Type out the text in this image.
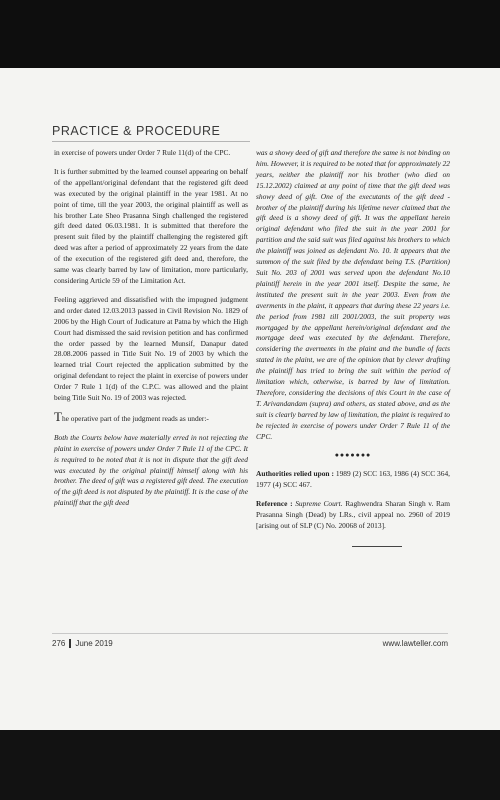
PRACTICE & PROCEDURE

in exercise of powers under Order 7 Rule 11(d) of the CPC.

It is further submitted by the learned counsel appearing on behalf of the appellant/original defendant that the registered gift deed was executed by the original plaintiff in the year 1981. At no point of time, till the year 2003, the original plaintiff as well as his brother Late Sheo Prasanna Singh challenged the registered gift deed dated 06.03.1981. It is submitted that therefore the present suit filed by the plaintiff challenging the registered gift deed was after a period of approximately 22 years from the date of the execution of the registered gift deed and, therefore, the same was clearly barred by law of limitation, more particularly, considering Article 59 of the Limitation Act.

Feeling aggrieved and dissatisfied with the impugned judgment and order dated 12.03.2013 passed in Civil Revision No. 1829 of 2006 by the High Court of Judicature at Patna by which the High Court had dismissed the said revision petition and has confirmed the order passed by the learned Munsif, Danapur dated 28.08.2006 passed in Title Suit No. 19 of 2003 by which the learned trial Court rejected the application submitted by the original defendant to reject the plaint in exercise of powers under Order 7 Rule 1 1(d) of the C.P.C. was allowed and the plaint being Title Suit No. 19 of 2003 was rejected.

The operative part of the judgment reads as under:-

Both the Courts below have materially erred in not rejecting the plaint in exercise of powers under Order 7 Rule 11 of the CPC. It is required to be noted that it is not in dispute that the gift deed was executed by the original plaintiff himself along with his brother. The deed of gift was a registered gift deed. The execution of the gift deed is not disputed by the plaintiff. It is the case of the plaintiff that the gift deed

was a showy deed of gift and therefore the same is not binding on him. However, it is required to be noted that for approximately 22 years, neither the plaintiff nor his brother (who died on 15.12.2002) claimed at any point of time that the gift deed was showy deed of gift. One of the executants of the gift deed - brother of the plaintiff during his lifetime never claimed that the gift deed is a showy deed of gift. It was the appellant herein original defendant who filed the suit in the year 2001 for partition and the said suit was filed against his brothers to which the plaintiff was joined as defendant No. 10. It appears that the summon of the suit filed by the defendant being T.S. (Partition) Suit No. 203 of 2001 was served upon the defendant No.10 plaintiff herein in the year 2001 itself. Despite the same, he instituted the present suit in the year 2003. Even from the averments in the plaint, it appears that during these 22 years i.e. the period from 1981 till 2001/2003, the suit property was mortgaged by the appellant herein/original defendant and the mortgage deed was executed by the defendant. Therefore, considering the averments in the plaint and the bundle of facts stated in the plaint, we are of the opinion that by clever drafting the plaintiff has tried to bring the suit within the period of limitation which, otherwise, is barred by law of limitation. Therefore, considering the decisions of this Court in the case of T. Arivandandam (supra) and others, as stated above, and as the suit is clearly barred by law of limitation, the plaint is required to be rejected in exercise of powers under Order 7 Rule 11 of the CPC.

●●●●●●●

Authorities relied upon : 1989 (2) SCC 163, 1986 (4) SCC 364, 1977 (4) SCC 467.

Reference : Supreme Court. Raghwendra Sharan Singh v. Ram Prasanna Singh (Dead) by LRs., civil appeal no. 2960 of 2019 [arising out of SLP (C) No. 20068 of 2013].

276 June 2019	www.lawteller.com
